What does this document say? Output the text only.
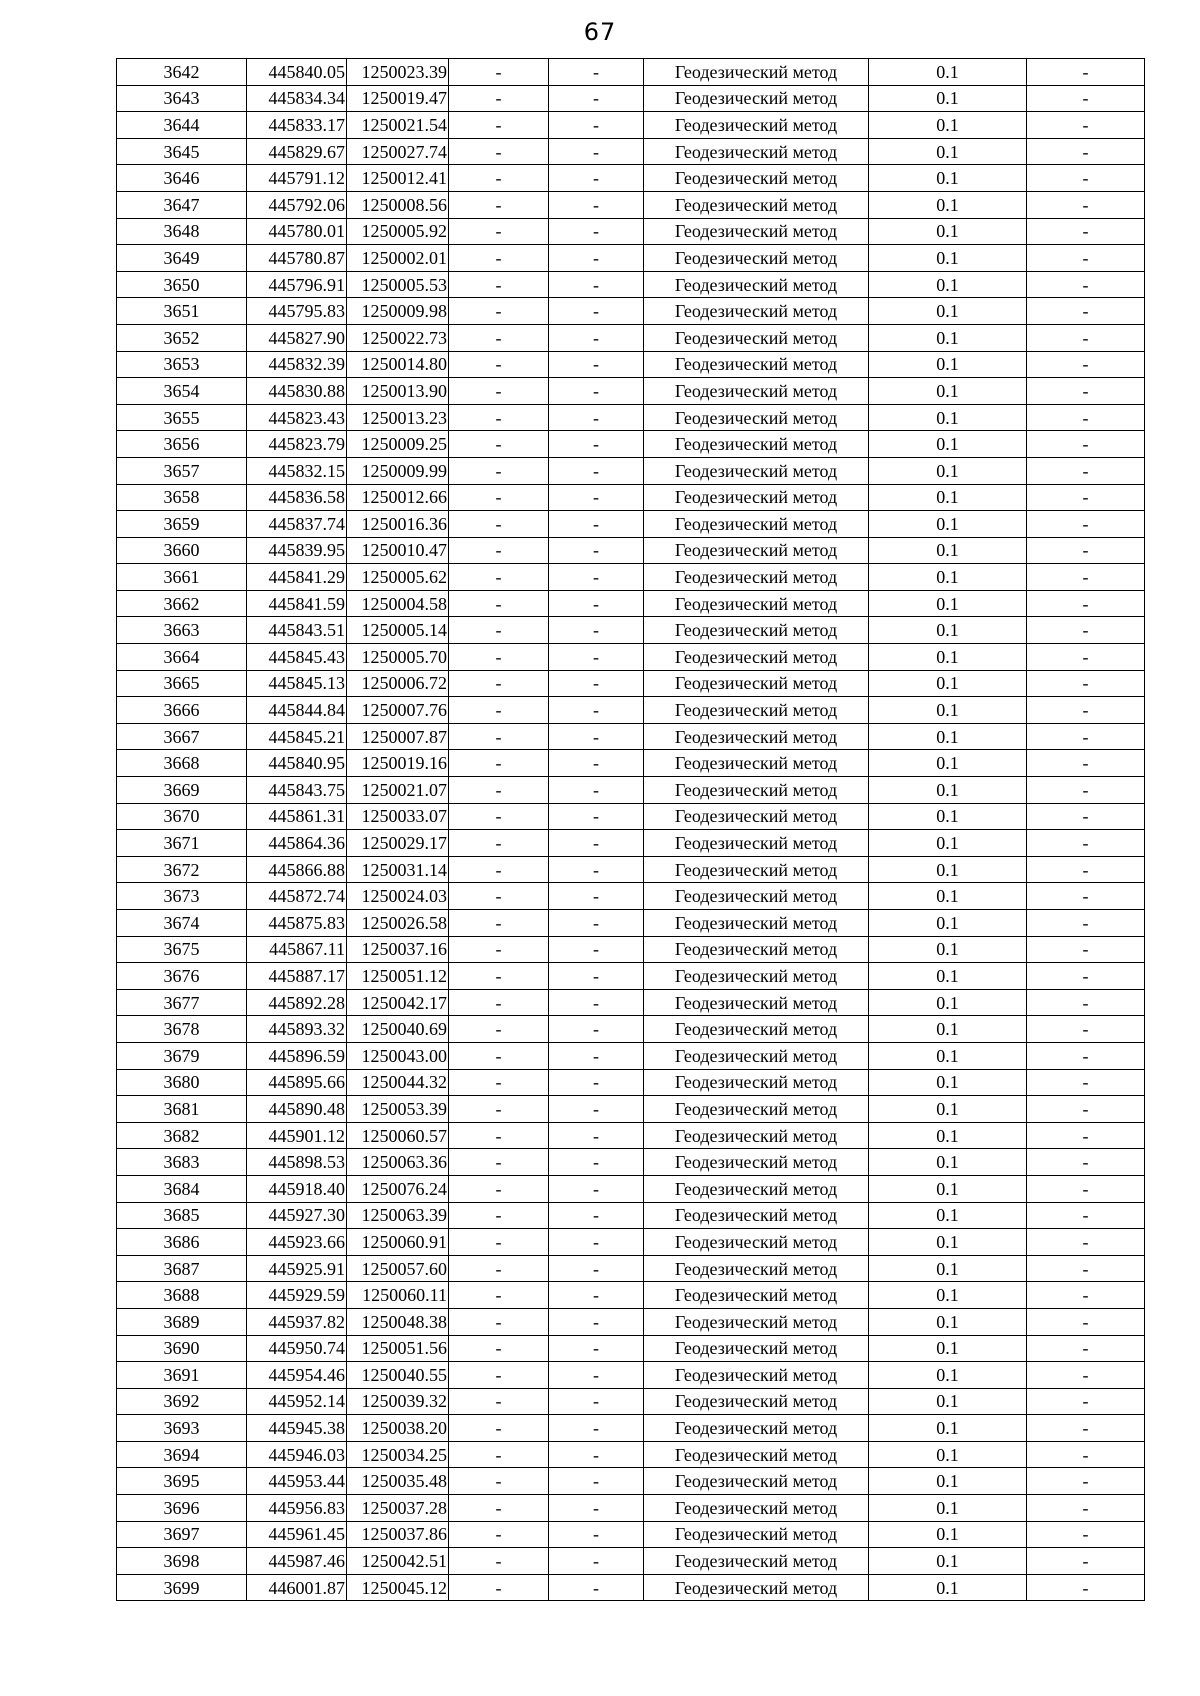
67
3642	445840.05	1250023.39	-	-	Геодезический метод	0.1	-
3643	445834.34	1250019.47	-	-	Геодезический метод	0.1	-
3644	445833.17	1250021.54	-	-	Геодезический метод	0.1	-
3645	445829.67	1250027.74	-	-	Геодезический метод	0.1	-
3646	445791.12	1250012.41	-	-	Геодезический метод	0.1	-
3647	445792.06	1250008.56	-	-	Геодезический метод	0.1	-
3648	445780.01	1250005.92	-	-	Геодезический метод	0.1	-
3649	445780.87	1250002.01	-	-	Геодезический метод	0.1	-
3650	445796.91	1250005.53	-	-	Геодезический метод	0.1	-
3651	445795.83	1250009.98	-	-	Геодезический метод	0.1	-
3652	445827.90	1250022.73	-	-	Геодезический метод	0.1	-
3653	445832.39	1250014.80	-	-	Геодезический метод	0.1	-
3654	445830.88	1250013.90	-	-	Геодезический метод	0.1	-
3655	445823.43	1250013.23	-	-	Геодезический метод	0.1	-
3656	445823.79	1250009.25	-	-	Геодезический метод	0.1	-
3657	445832.15	1250009.99	-	-	Геодезический метод	0.1	-
3658	445836.58	1250012.66	-	-	Геодезический метод	0.1	-
3659	445837.74	1250016.36	-	-	Геодезический метод	0.1	-
3660	445839.95	1250010.47	-	-	Геодезический метод	0.1	-
3661	445841.29	1250005.62	-	-	Геодезический метод	0.1	-
3662	445841.59	1250004.58	-	-	Геодезический метод	0.1	-
3663	445843.51	1250005.14	-	-	Геодезический метод	0.1	-
3664	445845.43	1250005.70	-	-	Геодезический метод	0.1	-
3665	445845.13	1250006.72	-	-	Геодезический метод	0.1	-
3666	445844.84	1250007.76	-	-	Геодезический метод	0.1	-
3667	445845.21	1250007.87	-	-	Геодезический метод	0.1	-
3668	445840.95	1250019.16	-	-	Геодезический метод	0.1	-
3669	445843.75	1250021.07	-	-	Геодезический метод	0.1	-
3670	445861.31	1250033.07	-	-	Геодезический метод	0.1	-
3671	445864.36	1250029.17	-	-	Геодезический метод	0.1	-
3672	445866.88	1250031.14	-	-	Геодезический метод	0.1	-
3673	445872.74	1250024.03	-	-	Геодезический метод	0.1	-
3674	445875.83	1250026.58	-	-	Геодезический метод	0.1	-
3675	445867.11	1250037.16	-	-	Геодезический метод	0.1	-
3676	445887.17	1250051.12	-	-	Геодезический метод	0.1	-
3677	445892.28	1250042.17	-	-	Геодезический метод	0.1	-
3678	445893.32	1250040.69	-	-	Геодезический метод	0.1	-
3679	445896.59	1250043.00	-	-	Геодезический метод	0.1	-
3680	445895.66	1250044.32	-	-	Геодезический метод	0.1	-
3681	445890.48	1250053.39	-	-	Геодезический метод	0.1	-
3682	445901.12	1250060.57	-	-	Геодезический метод	0.1	-
3683	445898.53	1250063.36	-	-	Геодезический метод	0.1	-
3684	445918.40	1250076.24	-	-	Геодезический метод	0.1	-
3685	445927.30	1250063.39	-	-	Геодезический метод	0.1	-
3686	445923.66	1250060.91	-	-	Геодезический метод	0.1	-
3687	445925.91	1250057.60	-	-	Геодезический метод	0.1	-
3688	445929.59	1250060.11	-	-	Геодезический метод	0.1	-
3689	445937.82	1250048.38	-	-	Геодезический метод	0.1	-
3690	445950.74	1250051.56	-	-	Геодезический метод	0.1	-
3691	445954.46	1250040.55	-	-	Геодезический метод	0.1	-
3692	445952.14	1250039.32	-	-	Геодезический метод	0.1	-
3693	445945.38	1250038.20	-	-	Геодезический метод	0.1	-
3694	445946.03	1250034.25	-	-	Геодезический метод	0.1	-
3695	445953.44	1250035.48	-	-	Геодезический метод	0.1	-
3696	445956.83	1250037.28	-	-	Геодезический метод	0.1	-
3697	445961.45	1250037.86	-	-	Геодезический метод	0.1	-
3698	445987.46	1250042.51	-	-	Геодезический метод	0.1	-
3699	446001.87	1250045.12	-	-	Геодезический метод	0.1	-
